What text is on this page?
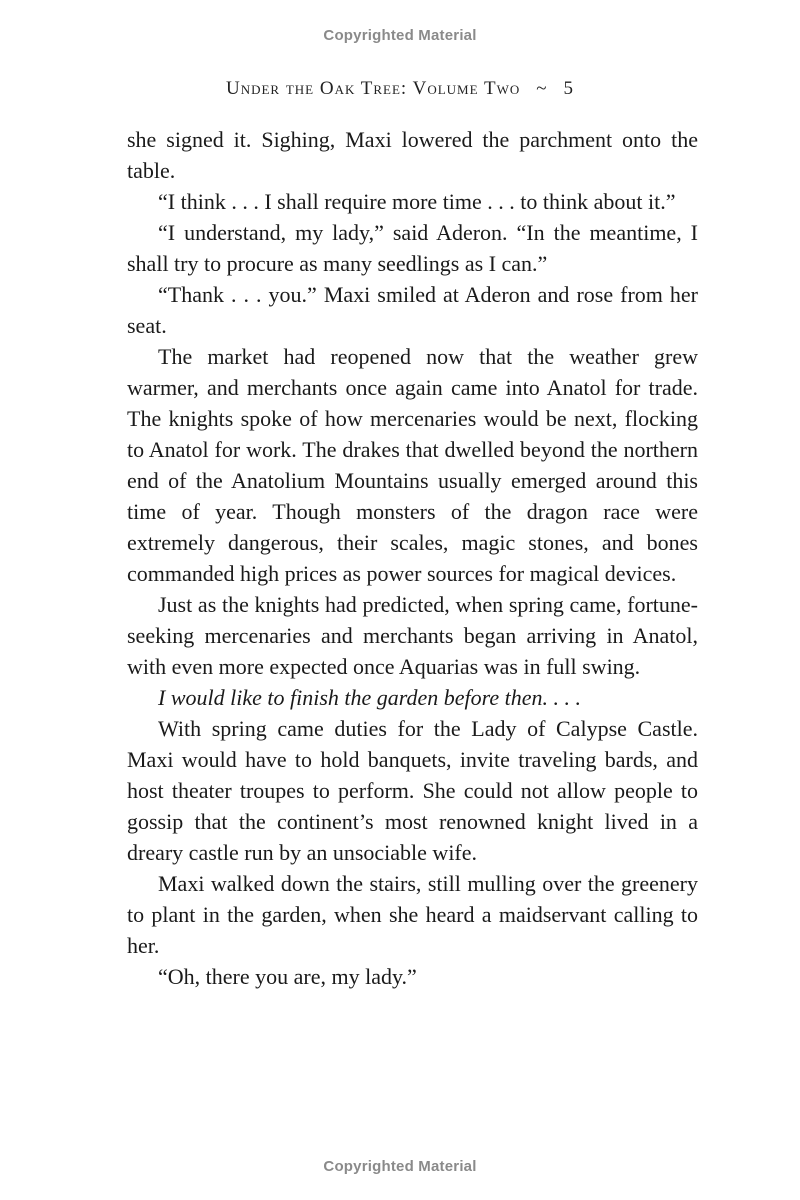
Copyrighted Material
Under the Oak Tree: Volume Two ~ 5

she signed it. Sighing, Maxi lowered the parchment onto the table.

“I think . . . I shall require more time . . . to think about it.”

“I understand, my lady,” said Aderon. “In the meantime, I shall try to procure as many seedlings as I can.”

“Thank . . . you.” Maxi smiled at Aderon and rose from her seat.

The market had reopened now that the weather grew warmer, and merchants once again came into Anatol for trade. The knights spoke of how mercenaries would be next, flocking to Anatol for work. The drakes that dwelled beyond the northern end of the Anatolium Mountains usually emerged around this time of year. Though monsters of the dragon race were extremely dangerous, their scales, magic stones, and bones commanded high prices as power sources for magical devices.

Just as the knights had predicted, when spring came, fortune-seeking mercenaries and merchants began arriving in Anatol, with even more expected once Aquarias was in full swing.

I would like to finish the garden before then. . . .

With spring came duties for the Lady of Calypse Castle. Maxi would have to hold banquets, invite traveling bards, and host theater troupes to perform. She could not allow people to gossip that the continent’s most renowned knight lived in a dreary castle run by an unsociable wife.

Maxi walked down the stairs, still mulling over the greenery to plant in the garden, when she heard a maidservant calling to her.

“Oh, there you are, my lady.”

Copyrighted Material
